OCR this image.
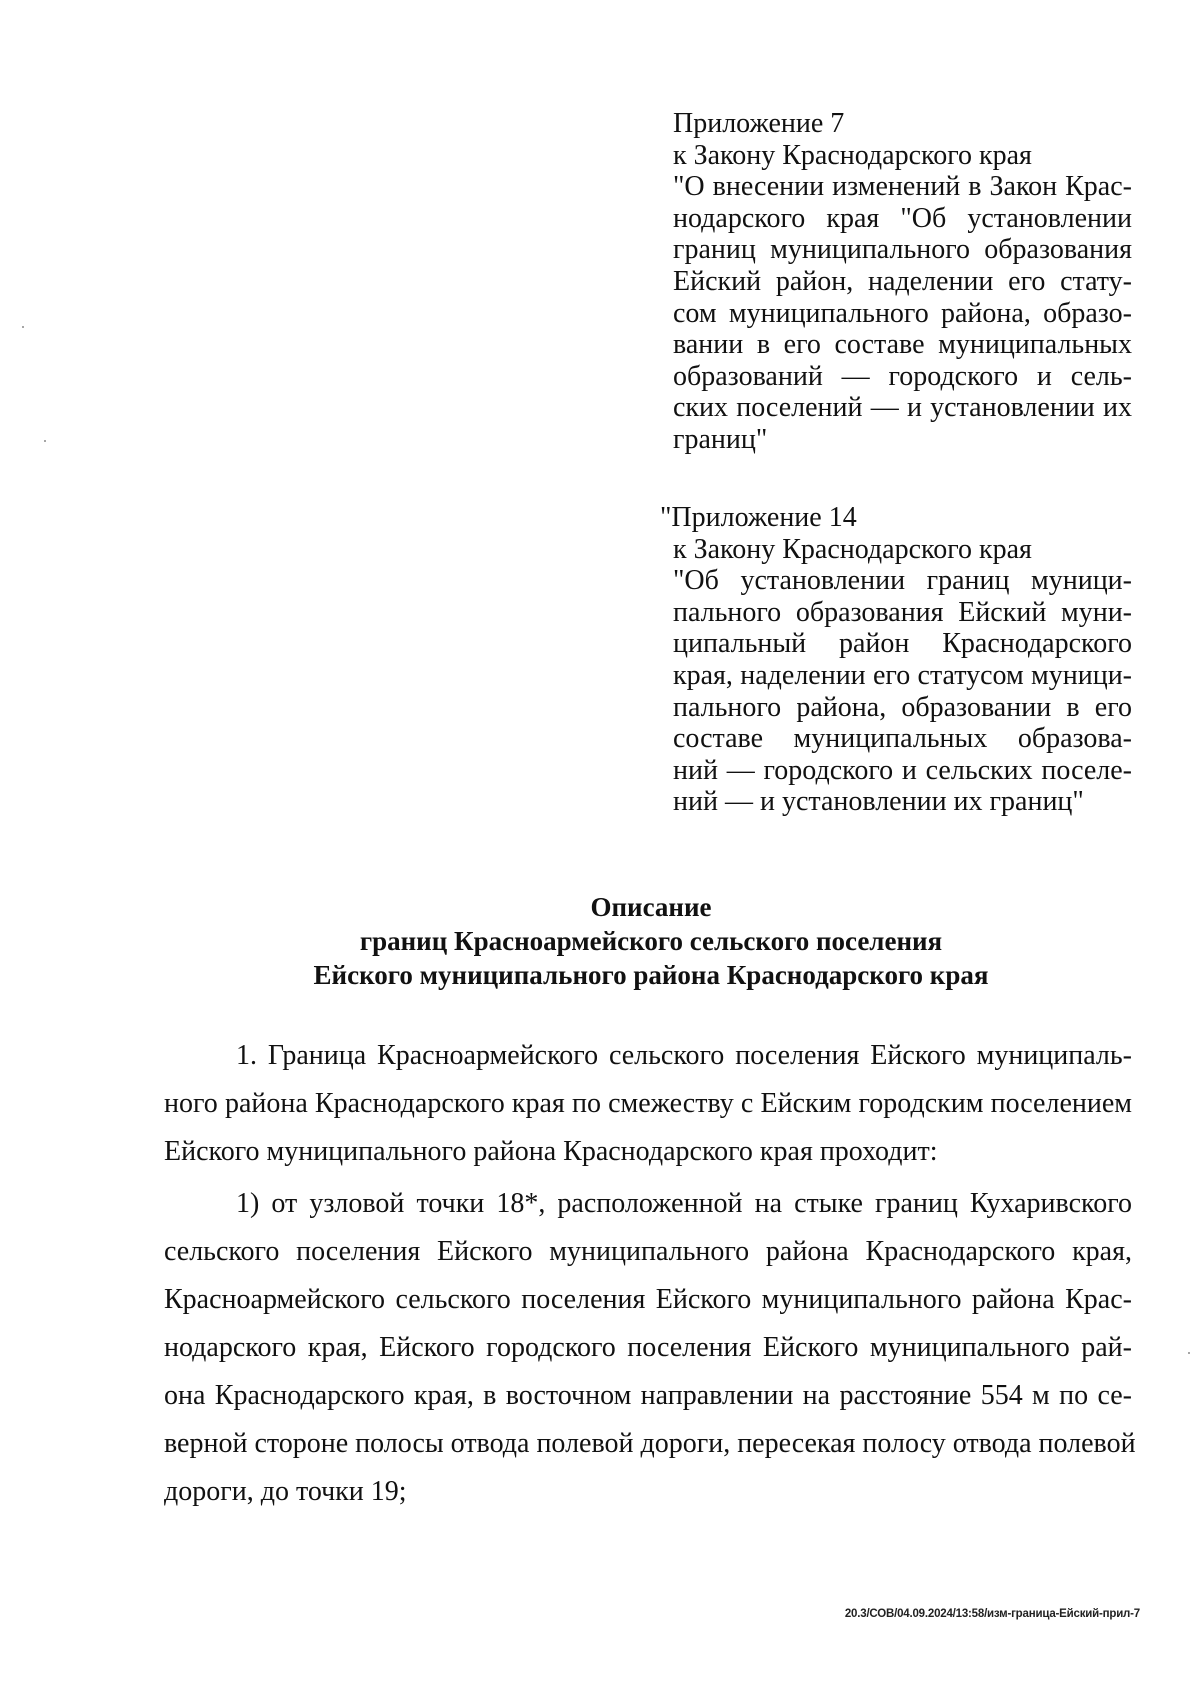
Приложение 7
к Закону Краснодарского края
"О внесении изменений в Закон Крас-
нодарского края "Об установлении
границ муниципального образования
Ейский район, наделении его стату-
сом муниципального района, образо-
вании в его составе муниципальных
образований — городского и сель-
ских поселений — и установлении их
границ"
"Приложение 14
к Закону Краснодарского края
"Об установлении границ муници-
пального образования Ейский муни-
ципальный район Краснодарского
края, наделении его статусом муници-
пального района, образовании в его
составе муниципальных образова-
ний — городского и сельских поселе-
ний — и установлении их границ"
Описание
границ Красноармейского сельского поселения
Ейского муниципального района Краснодарского края
1. Граница Красноармейского сельского поселения Ейского муниципаль-
ного района Краснодарского края по смежеству с Ейским городским поселением
Ейского муниципального района Краснодарского края проходит:
1) от узловой точки 18*, расположенной на стыке границ Кухаривского
сельского поселения Ейского муниципального района Краснодарского края,
Красноармейского сельского поселения Ейского муниципального района Крас-
нодарского края, Ейского городского поселения Ейского муниципального рай-
она Краснодарского края, в восточном направлении на расстояние 554 м по се-
верной стороне полосы отвода полевой дороги, пересекая полосу отвода полевой
дороги, до точки 19;
20.3/СОВ/04.09.2024/13:58/изм-граница-Ейский-прил-7
